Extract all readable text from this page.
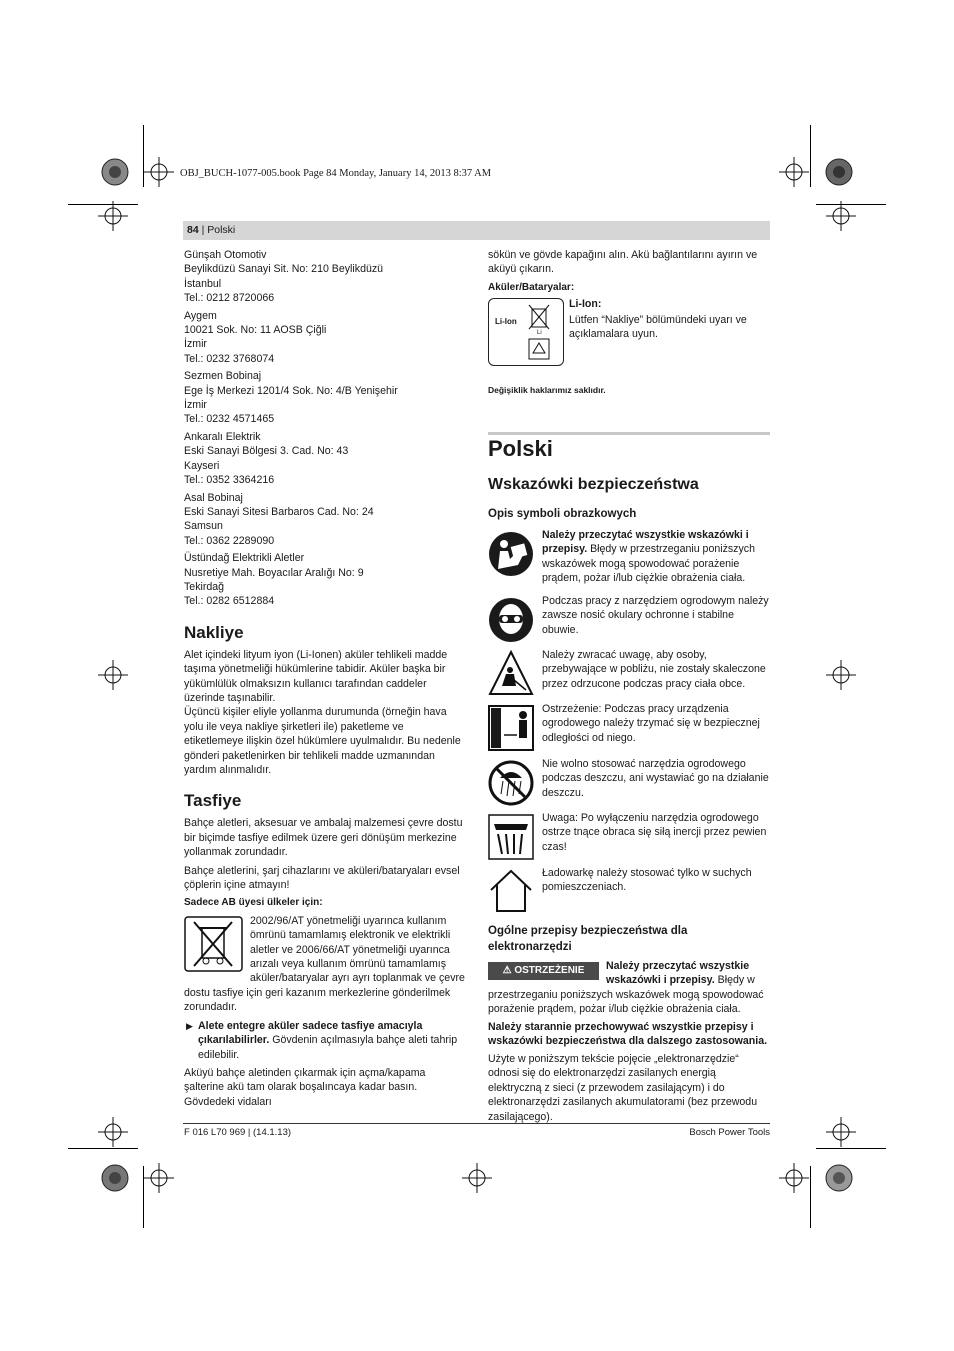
OBJ_BUCH-1077-005.book Page 84 Monday, January 14, 2013 8:37 AM
84 | Polski

Günşah Otomotiv

Beylikdüzü Sanayi Sit. No: 210 Beylikdüzü

İstanbul

Tel.: 0212 8720066

Aygem

10021 Sok. No: 11 AOSB Çiğli

İzmir

Tel.: 0232 3768074

Sezmen Bobinaj

Ege İş Merkezi 1201/4 Sok. No: 4/B Yenişehir

İzmir

Tel.: 0232 4571465

Ankaralı Elektrik

Eski Sanayi Bölgesi 3. Cad. No: 43

Kayseri

Tel.: 0352 3364216

Asal Bobinaj

Eski Sanayi Sitesi Barbaros Cad. No: 24

Samsun

Tel.: 0362 2289090

Üstündağ Elektrikli Aletler

Nusretiye Mah. Boyacılar Aralığı No: 9

Tekirdağ

Tel.: 0282 6512884

Nakliye

Alet içindeki lityum iyon (Li-Ionen) aküler tehlikeli madde taşıma yönetmeliği hükümlerine tabidir. Aküler başka bir yükümlülük olmaksızın kullanıcı tarafından caddeler üzerinde taşınabilir.

Üçüncü kişiler eliyle yollanma durumunda (örneğin hava yolu ile veya nakliye şirketleri ile) paketleme ve etiketlemeye ilişkin özel hükümlere uyulmalıdır. Bu nedenle gönderi paketlenirken bir tehlikeli madde uzmanından yardım alınmalıdır.

Tasfiye

Bahçe aletleri, aksesuar ve ambalaj malzemesi çevre dostu bir biçimde tasfiye edilmek üzere geri dönüşüm merkezine yollanmak zorundadır.

Bahçe aletlerini, şarj cihazlarını ve aküleri/bataryaları evsel çöplerin içine atmayın!

Sadece AB üyesi ülkeler için:

2002/96/AT yönetmeliği uyarınca kullanım ömrünü tamamlamış elektronik ve elektrikli aletler ve 2006/66/AT yönetmeliği uyarınca arızalı veya kullanım ömrünü tamamlamış aküler/bataryalar ayrı ayrı toplanmak ve çevre

dostu tasfiye için geri kazanım merkezlerine gönderilmek zorundadır.

▶ Alete entegre aküler sadece tasfiye amacıyla çıkarılabilirler. Gövdenin açılmasıyla bahçe aleti tahrip edilebilir.

Aküyü bahçe aletinden çıkarmak için açma/kapama şalterine akü tam olarak boşalıncaya kadar basın. Gövdedeki vidaları

sökün ve gövde kapağını alın. Akü bağlantılarını ayırın ve aküyü çıkarın.

Aküler/Bataryalar:

Li-Ion
Li
Li-Ion:
Lütfen “Nakliye” bölümündeki uyarı ve açıklamalara uyun.
Değişiklik haklarımız saklıdır.
Polski
Wskazówki bezpieczeństwa
Opis symboli obrazkowych
Należy przeczytać wszystkie wskazówki i przepisy. Błędy w przestrzeganiu poniższych wskazówek mogą spowodować porażenie prądem, pożar i/lub ciężkie obrażenia ciała.
Podczas pracy z narzędziem ogrodowym należy zawsze nosić okulary ochronne i stabilne obuwie.
Należy zwracać uwagę, aby osoby, przebywające w pobliżu, nie zostały skaleczone przez odrzucone podczas pracy ciała obce.
Ostrzeżenie: Podczas pracy urządzenia ogrodowego należy trzymać się w bezpiecznej odległości od niego.
Nie wolno stosować narzędzia ogrodowego podczas deszczu, ani wystawiać go na działanie deszczu.
Uwaga: Po wyłączeniu narzędzia ogrodowego ostrze tnące obraca się siłą inercji przez pewien czas!
Ładowarkę należy stosować tylko w suchych pomieszczeniach.
Ogólne przepisy bezpieczeństwa dla elektronarzędzi
⚠ OSTRZEŻENIE	Należy przeczytać wszystkie wskazówki i przepisy. Błędy w
przestrzeganiu poniższych wskazówek mogą spowodować porażenie prądem, pożar i/lub ciężkie obrażenia ciała.
Należy starannie przechowywać wszystkie przepisy i wskazówki bezpieczeństwa dla dalszego zastosowania.
Użyte w poniższym tekście pojęcie „elektronarzędzie“ odnosi się do elektronarzędzi zasilanych energią elektryczną z sieci (z przewodem zasilającym) i do elektronarzędzi zasilanych akumulatorami (bez przewodu zasilającego).
F 016 L70 969 | (14.1.13)	Bosch Power Tools
